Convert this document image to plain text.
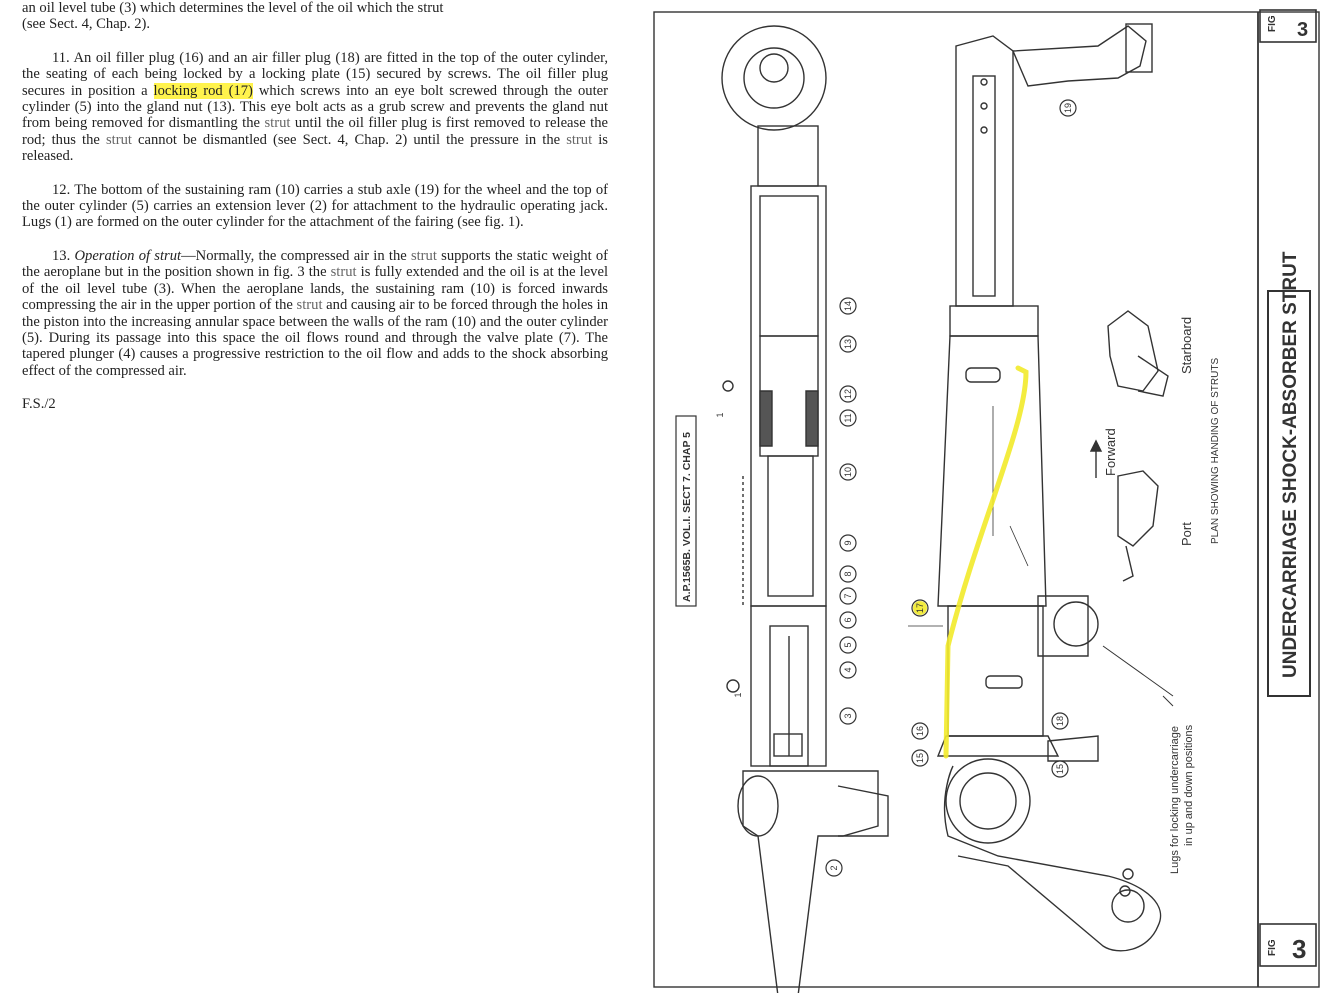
an oil level tube (3) which determines the level of the oil which the strut
(see Sect. 4, Chap. 2).

11. An oil filler plug (16) and an air filler plug (18) are fitted in the top of the outer cylinder, the seating of each being locked by a locking plate (15) secured by screws. The oil filler plug secures in position a locking rod (17) which screws into an eye bolt screwed through the outer cylinder (5) into the gland nut (13). This eye bolt acts as a grub screw and prevents the gland nut from being removed for dismantling the strut until the oil filler plug is first removed to release the rod; thus the strut cannot be dismantled (see Sect. 4, Chap. 2) until the pressure in the strut is released.

12. The bottom of the sustaining ram (10) carries a stub axle (19) for the wheel and the top of the outer cylinder (5) carries an extension lever (2) for attachment to the hydraulic operating jack. Lugs (1) are formed on the outer cylinder for the attachment of the fairing (see fig. 1).

13. Operation of strut—Normally, the compressed air in the strut supports the static weight of the aeroplane but in the position shown in fig. 3 the strut is fully extended and the oil is at the level of the oil level tube (3). When the aeroplane lands, the sustaining ram (10) is forced inwards compressing the air in the upper portion of the strut and causing air to be forced through the holes in the piston into the increasing annular space between the walls of the ram (10) and the outer cylinder (5). During its passage into this space the oil flows round and through the valve plate (7). The tapered plunger (4) causes a progressive restriction to the oil flow and adds to the shock absorbing effect of the compressed air.

F.S./2

14
13
12
11
10
9
8
7
6
5
4
3
2
1
1
19
17
16
15
18
15
UNDERCARRIAGE SHOCK-ABSORBER STRUT
A.P.1565B. VOL.I. SECT 7. CHAP 5	PLAN SHOWING HANDING OF STRUTS
Forward
Starboard
Port
Lugs for locking undercarriage in up and down positions
FIG 3
FIG 3
